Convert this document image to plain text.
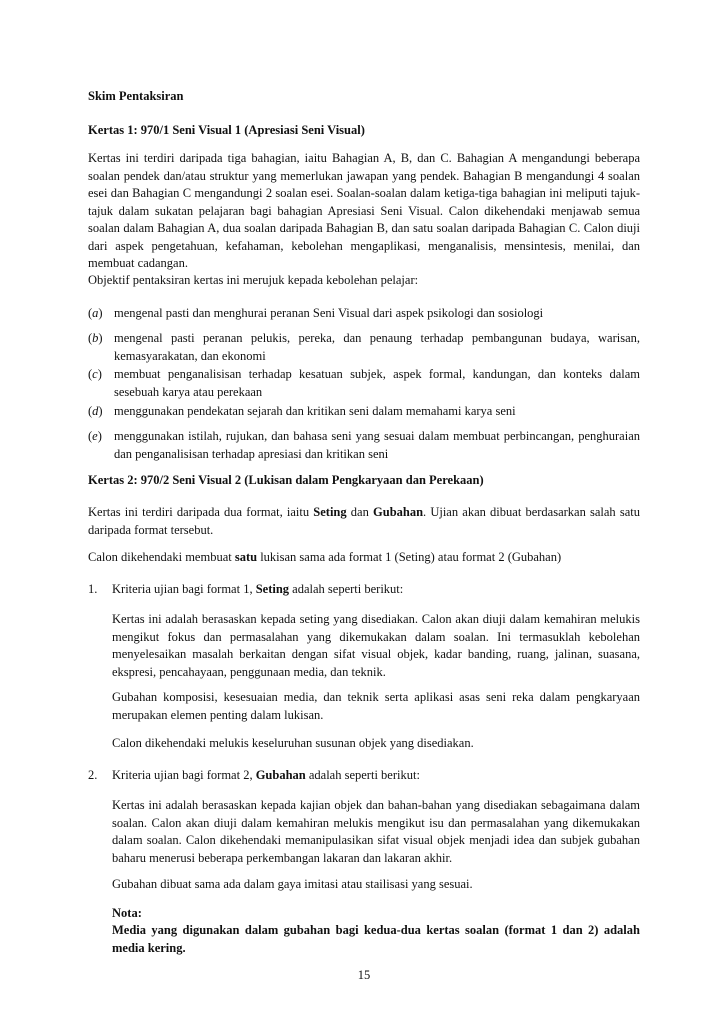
Skim Pentaksiran

Kertas 1: 970/1 Seni Visual 1 (Apresiasi Seni Visual)

Kertas ini terdiri daripada tiga bahagian, iaitu Bahagian A, B, dan C. Bahagian A mengandungi beberapa soalan pendek dan/atau struktur yang memerlukan jawapan yang pendek. Bahagian B mengandungi 4 soalan esei dan Bahagian C mengandungi 2 soalan esei. Soalan-soalan dalam ketiga-tiga bahagian ini meliputi tajuk-tajuk dalam sukatan pelajaran bagi bahagian Apresiasi Seni Visual. Calon dikehendaki menjawab semua soalan dalam Bahagian A, dua soalan daripada Bahagian B, dan satu soalan daripada Bahagian C. Calon diuji dari aspek pengetahuan, kefahaman, kebolehan mengaplikasi, menganalisis, mensintesis, menilai, dan membuat cadangan.

Objektif pentaksiran kertas ini merujuk kepada kebolehan pelajar:

(a) mengenal pasti dan menghurai peranan Seni Visual dari aspek psikologi dan sosiologi
(b) mengenal pasti peranan pelukis, pereka, dan penaung terhadap pembangunan budaya, warisan, kemasyarakatan, dan ekonomi
(c) membuat penganalisisan terhadap kesatuan subjek, aspek formal, kandungan, dan konteks dalam sesebuah karya atau perekaan
(d) menggunakan pendekatan sejarah dan kritikan seni dalam memahami karya seni
(e) menggunakan istilah, rujukan, dan bahasa seni yang sesuai dalam membuat perbincangan, penghuraian dan penganalisisan terhadap apresiasi dan kritikan seni

Kertas 2: 970/2 Seni Visual 2 (Lukisan dalam Pengkaryaan dan Perekaan)

Kertas ini terdiri daripada dua format, iaitu Seting dan Gubahan. Ujian akan dibuat berdasarkan salah satu daripada format tersebut.

Calon dikehendaki membuat satu lukisan sama ada format 1 (Seting) atau format 2 (Gubahan)

1.	Kriteria ujian bagi format 1, Seting adalah seperti berikut:

Kertas ini adalah berasaskan kepada seting yang disediakan. Calon akan diuji dalam kemahiran melukis mengikut fokus dan permasalahan yang dikemukakan dalam soalan. Ini termasuklah kebolehan menyelesaikan masalah berkaitan dengan sifat visual objek, kadar banding, ruang, jalinan, suasana, ekspresi, pencahayaan, penggunaan media, dan teknik.

Gubahan komposisi, kesesuaian media, dan teknik serta aplikasi asas seni reka dalam pengkaryaan merupakan elemen penting dalam lukisan.

Calon dikehendaki melukis keseluruhan susunan objek yang disediakan.

2.	Kriteria ujian bagi format 2, Gubahan adalah seperti berikut:

Kertas ini adalah berasaskan kepada kajian objek dan bahan-bahan yang disediakan sebagaimana dalam soalan. Calon akan diuji dalam kemahiran melukis mengikut isu dan permasalahan yang dikemukakan dalam soalan. Calon dikehendaki memanipulasikan sifat visual objek menjadi idea dan subjek gubahan baharu menerusi beberapa perkembangan lakaran dan lakaran akhir.

Gubahan dibuat sama ada dalam gaya imitasi atau stailisasi yang sesuai.

Nota:

Media yang digunakan dalam gubahan bagi kedua-dua kertas soalan (format 1 dan 2) adalah media kering.

15
